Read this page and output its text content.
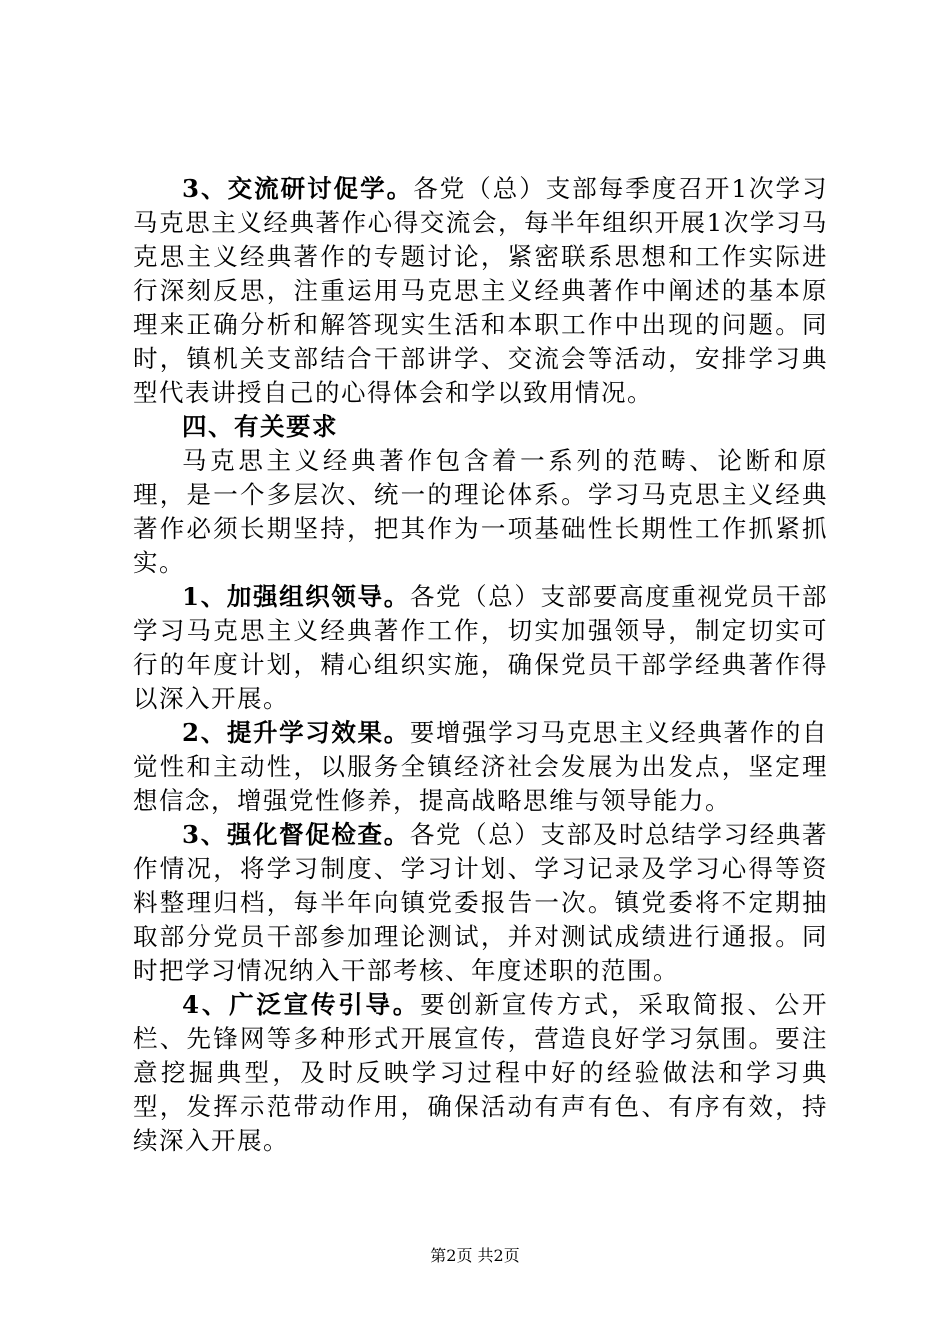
3、交流研讨促学。各党（总）支部每季度召开1次学习马克思主义经典著作心得交流会，每半年组织开展1次学习马克思主义经典著作的专题讨论，紧密联系思想和工作实际进行深刻反思，注重运用马克思主义经典著作中阐述的基本原理来正确分析和解答现实生活和本职工作中出现的问题。同时，镇机关支部结合干部讲学、交流会等活动，安排学习典型代表讲授自己的心得体会和学以致用情况。

四、有关要求

马克思主义经典著作包含着一系列的范畴、论断和原理，是一个多层次、统一的理论体系。学习马克思主义经典著作必须长期坚持，把其作为一项基础性长期性工作抓紧抓实。

1、加强组织领导。各党（总）支部要高度重视党员干部学习马克思主义经典著作工作，切实加强领导，制定切实可行的年度计划，精心组织实施，确保党员干部学经典著作得以深入开展。

2、提升学习效果。要增强学习马克思主义经典著作的自觉性和主动性，以服务全镇经济社会发展为出发点，坚定理想信念，增强党性修养，提高战略思维与领导能力。

3、强化督促检查。各党（总）支部及时总结学习经典著作情况，将学习制度、学习计划、学习记录及学习心得等资料整理归档，每半年向镇党委报告一次。镇党委将不定期抽取部分党员干部参加理论测试，并对测试成绩进行通报。同时把学习情况纳入干部考核、年度述职的范围。

4、广泛宣传引导。要创新宣传方式，采取简报、公开栏、先锋网等多种形式开展宣传，营造良好学习氛围。要注意挖掘典型，及时反映学习过程中好的经验做法和学习典型，发挥示范带动作用，确保活动有声有色、有序有效，持续深入开展。

第2页 共2页
